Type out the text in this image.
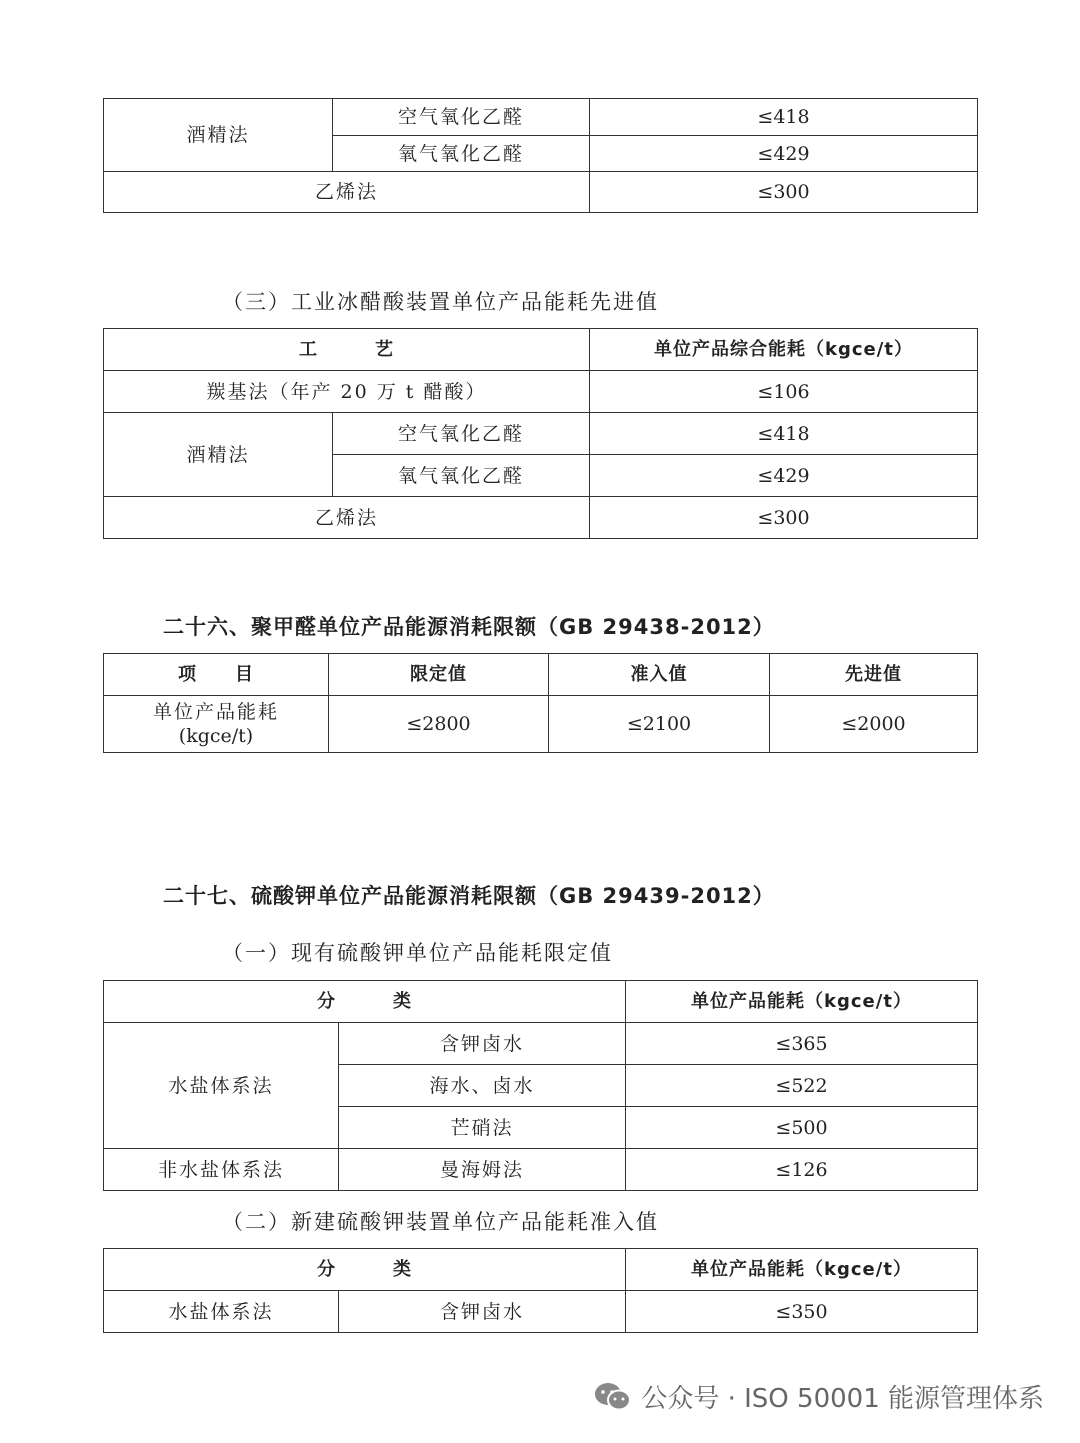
酒精法	空气氧化乙醛	≤418
	氧气氧化乙醛	≤429
乙烯法		≤300

（三）工业冰醋酸装置单位产品能耗先进值

工　　　艺		单位产品综合能耗（kgce/t）
羰基法（年产 20 万 t 醋酸）		≤106
酒精法	空气氧化乙醛	≤418
	氧气氧化乙醛	≤429
乙烯法		≤300

二十六、聚甲醛单位产品能源消耗限额（GB 29438-2012）

项　　目	限定值	准入值	先进值

单位产品能耗
(kgce/t)	≤2800	≤2100	≤2000

二十七、硫酸钾单位产品能源消耗限额（GB 29439-2012）

（一）现有硫酸钾单位产品能耗限定值

分　　　类		单位产品能耗（kgce/t）
水盐体系法	含钾卤水	≤365
	海水、卤水	≤522
	芒硝法	≤500
非水盐体系法	曼海姆法	≤126

（二）新建硫酸钾装置单位产品能耗准入值

分　　　类		单位产品能耗（kgce/t）
水盐体系法	含钾卤水	≤350
公众号 · ISO 50001 能源管理体系
